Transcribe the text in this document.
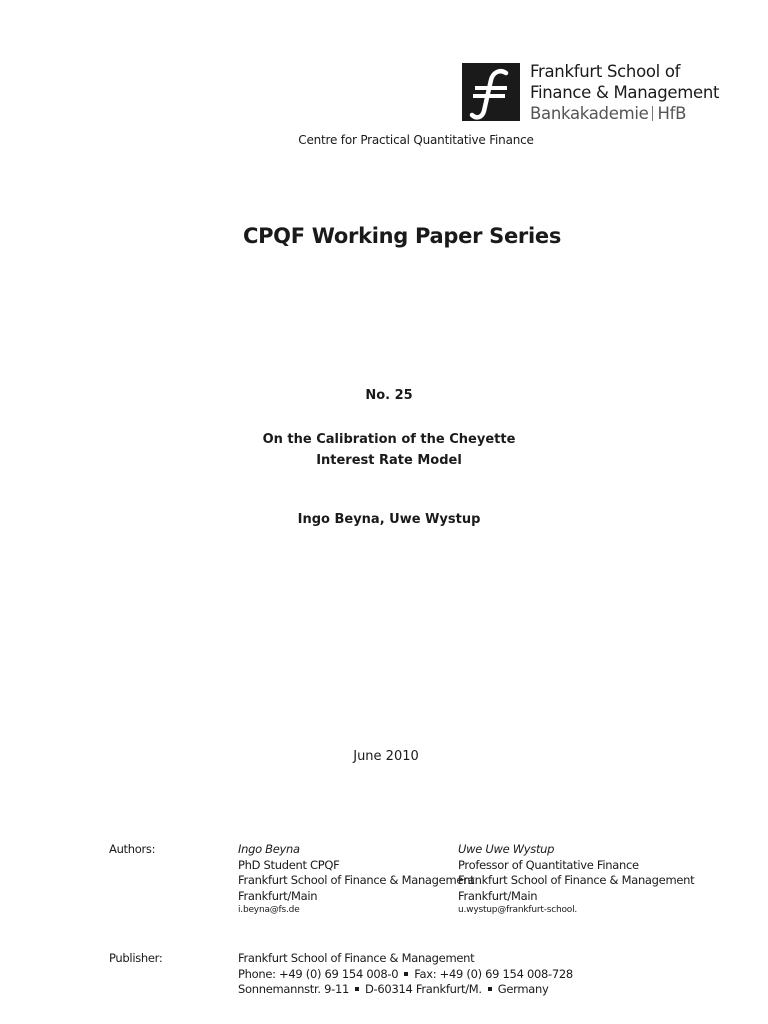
Frankfurt School of
Finance & Management
Bankakademie HfB
Centre for Practical Quantitative Finance
CPQF Working Paper Series
No. 25
On the Calibration of the Cheyette
Interest Rate Model
Ingo Beyna, Uwe Wystup
June 2010
Authors:	Ingo Beyna
PhD Student CPQF
Frankfurt School of Finance & Management
Frankfurt/Main
i.beyna@fs.de
Uwe Uwe Wystup
Professor of Quantitative Finance
Frankfurt School of Finance & Management
Frankfurt/Main
u.wystup@frankfurt-school.
Publisher:	Frankfurt School of Finance & Management
Phone: +49 (0) 69 154 008-0 Fax: +49 (0) 69 154 008-728
Sonnemannstr. 9-11 D-60314 Frankfurt/M. Germany
